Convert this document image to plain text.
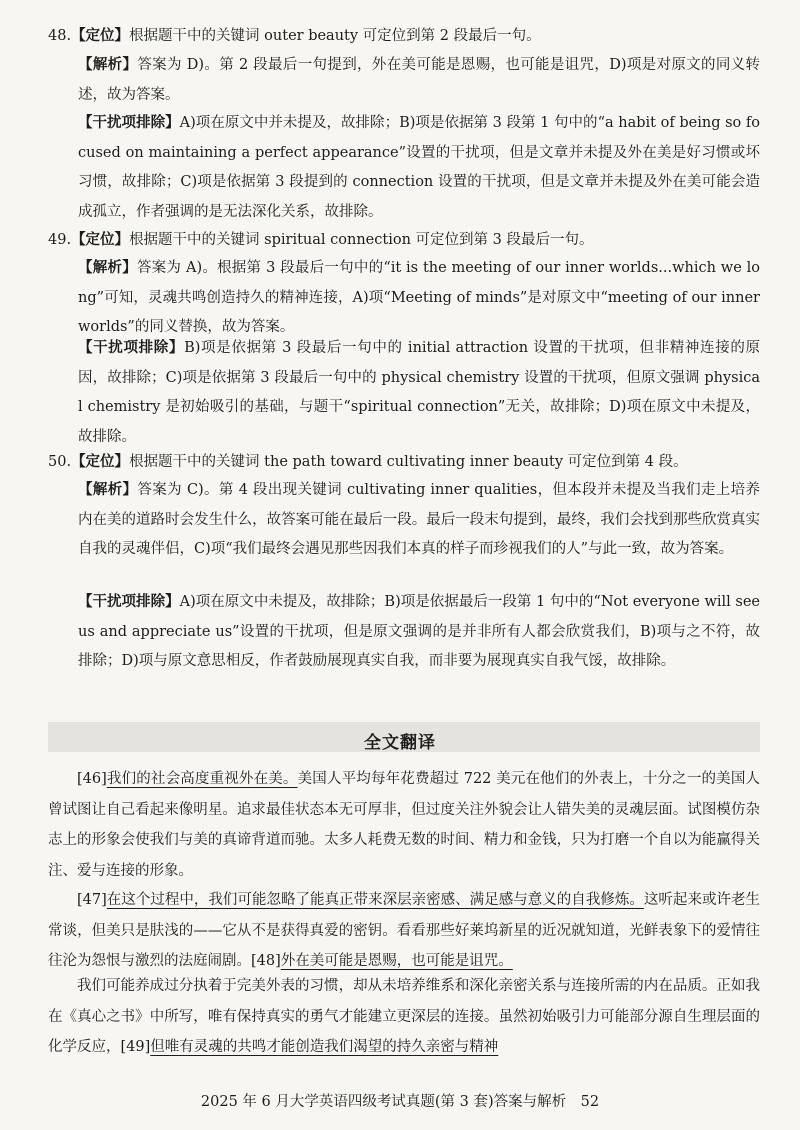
48.【定位】根据题干中的关键词 outer beauty 可定位到第 2 段最后一句。
【解析】答案为 D)。第 2 段最后一句提到，外在美可能是恩赐，也可能是诅咒，D)项是对原文的同义转述，故为答案。
【干扰项排除】A)项在原文中并未提及，故排除；B)项是依据第 3 段第 1 句中的“a habit of being so focused on maintaining a perfect appearance”设置的干扰项，但是文章并未提及外在美是好习惯或坏习惯，故排除；C)项是依据第 3 段提到的 connection 设置的干扰项，但是文章并未提及外在美可能会造成孤立，作者强调的是无法深化关系，故排除。
49.【定位】根据题干中的关键词 spiritual connection 可定位到第 3 段最后一句。
【解析】答案为 A)。根据第 3 段最后一句中的“it is the meeting of our inner worlds...which we long”可知，灵魂共鸣创造持久的精神连接，A)项“Meeting of minds”是对原文中“meeting of our inner worlds”的同义替换，故为答案。
【干扰项排除】B)项是依据第 3 段最后一句中的 initial attraction 设置的干扰项，但非精神连接的原因，故排除；C)项是依据第 3 段最后一句中的 physical chemistry 设置的干扰项，但原文强调 physical chemistry 是初始吸引的基础，与题干“spiritual connection”无关，故排除；D)项在原文中未提及，故排除。
50.【定位】根据题干中的关键词 the path toward cultivating inner beauty 可定位到第 4 段。
【解析】答案为 C)。第 4 段出现关键词 cultivating inner qualities，但本段并未提及当我们走上培养内在美的道路时会发生什么，故答案可能在最后一段。最后一段末句提到，最终，我们会找到那些欣赏真实自我的灵魂伴侣，C)项“我们最终会遇见那些因我们本真的样子而珍视我们的人”与此一致，故为答案。
【干扰项排除】A)项在原文中未提及，故排除；B)项是依据最后一段第 1 句中的“Not everyone will see us and appreciate us”设置的干扰项，但是原文强调的是并非所有人都会欣赏我们，B)项与之不符，故排除；D)项与原文意思相反，作者鼓励展现真实自我，而非要为展现真实自我气馁，故排除。
全文翻译
[46]我们的社会高度重视外在美。美国人平均每年花费超过 722 美元在他们的外表上，十分之一的美国人曾试图让自己看起来像明星。追求最佳状态本无可厚非，但过度关注外貌会让人错失美的灵魂层面。试图模仿杂志上的形象会使我们与美的真谛背道而驰。太多人耗费无数的时间、精力和金钱，只为打磨一个自以为能赢得关注、爱与连接的形象。
[47]在这个过程中，我们可能忽略了能真正带来深层亲密感、满足感与意义的自我修炼。这听起来或许老生常谈，但美只是肤浅的——它从不是获得真爱的密钥。看看那些好莱坞新星的近况就知道，光鲜表象下的爱情往往沦为怨恨与激烈的法庭闹剧。[48]外在美可能是恩赐，也可能是诅咒。
我们可能养成过分执着于完美外表的习惯，却从未培养维系和深化亲密关系与连接所需的内在品质。正如我在《真心之书》中所写，唯有保持真实的勇气才能建立更深层的连接。虽然初始吸引力可能部分源自生理层面的化学反应，[49]但唯有灵魂的共鸣才能创造我们渴望的持久亲密与精神
2025 年 6 月大学英语四级考试真题(第 3 套)答案与解析　52
